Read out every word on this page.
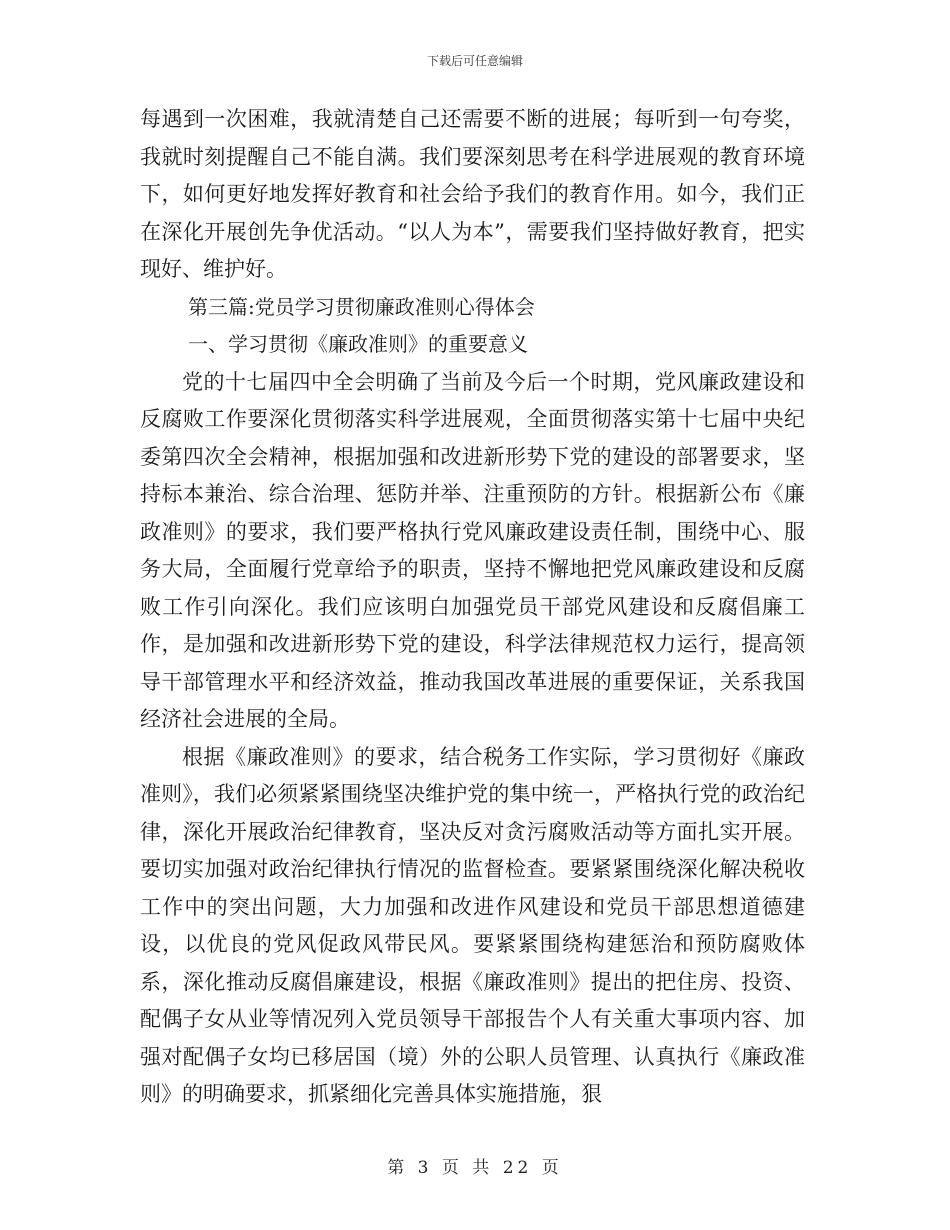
下载后可任意编辑

每遇到一次困难，我就清楚自己还需要不断的进展；每听到一句夸奖，我就时刻提醒自己不能自满。我们要深刻思考在科学进展观的教育环境下，如何更好地发挥好教育和社会给予我们的教育作用。如今，我们正在深化开展创先争优活动。“以人为本”，需要我们坚持做好教育，把实现好、维护好。

第三篇:党员学习贯彻廉政准则心得体会

一、学习贯彻《廉政准则》的重要意义

党的十七届四中全会明确了当前及今后一个时期，党风廉政建设和反腐败工作要深化贯彻落实科学进展观，全面贯彻落实第十七届中央纪委第四次全会精神，根据加强和改进新形势下党的建设的部署要求，坚持标本兼治、综合治理、惩防并举、注重预防的方针。根据新公布《廉政准则》的要求，我们要严格执行党风廉政建设责任制，围绕中心、服务大局，全面履行党章给予的职责，坚持不懈地把党风廉政建设和反腐败工作引向深化。我们应该明白加强党员干部党风建设和反腐倡廉工作，是加强和改进新形势下党的建设，科学法律规范权力运行，提高领导干部管理水平和经济效益，推动我国改革进展的重要保证，关系我国经济社会进展的全局。

根据《廉政准则》的要求，结合税务工作实际，学习贯彻好《廉政准则》，我们必须紧紧围绕坚决维护党的集中统一，严格执行党的政治纪律，深化开展政治纪律教育，坚决反对贪污腐败活动等方面扎实开展。要切实加强对政治纪律执行情况的监督检查。要紧紧围绕深化解决税收工作中的突出问题，大力加强和改进作风建设和党员干部思想道德建设，以优良的党风促政风带民风。要紧紧围绕构建惩治和预防腐败体系，深化推动反腐倡廉建设，根据《廉政准则》提出的把住房、投资、配偶子女从业等情况列入党员领导干部报告个人有关重大事项内容、加强对配偶子女均已移居国（境）外的公职人员管理、认真执行《廉政准则》的明确要求，抓紧细化完善具体实施措施，狠

第 3 页 共 22 页
